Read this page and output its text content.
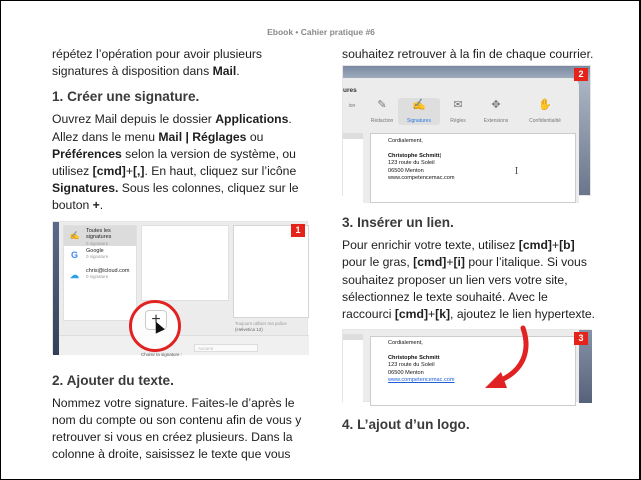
Ebook • Cahier pratique #6
répétez l’opération pour avoir plusieurs signatures à disposition dans Mail.
1. Créer une signature.
Ouvrez Mail depuis le dossier Applications. Allez dans le menu Mail | Réglages ou Préférences selon la version de système, ou utilisez [cmd]+[,]. En haut, cliquez sur l’icône Signatures. Sous les colonnes, cliquez sur le bouton +.
✍ Toutes les signatures
0 signature
G	Google
0 signature
☁ chris@icloud.com
0 signature
Toujours utiliser ma police
(Helvetica 12)
Choisir la signature :
Aucune
+
1
2. Ajouter du texte.
Nommez votre signature. Faites-le d’après le nom du compte ou son contenu afin de vous y retrouver si vous en créez plusieurs. Dans la colonne à droite, saisissez le texte que vous
souhaitez retrouver à la fin de chaque courrier.
ures
ion	✎
Rédaction
✍
Signatures
✉
Règles
✥
Extensions
✋
Confidentialité
Cordialement,
Christophe Schmitt|
123 route du Soleil
06500 Menton
www.competencemac.com
Ｉ
2
3. Insérer un lien.
Pour enrichir votre texte, utilisez [cmd]+[b] pour le gras, [cmd]+[i] pour l’italique. Si vous souhaitez proposer un lien vers votre site, sélectionnez le texte souhaité. Avec le raccourci [cmd]+[k], ajoutez le lien hypertexte.
Cordialement,
Christophe Schmitt
123 route du Soleil
06500 Menton
www.competencemac.com
3
4. L’ajout d’un logo.
